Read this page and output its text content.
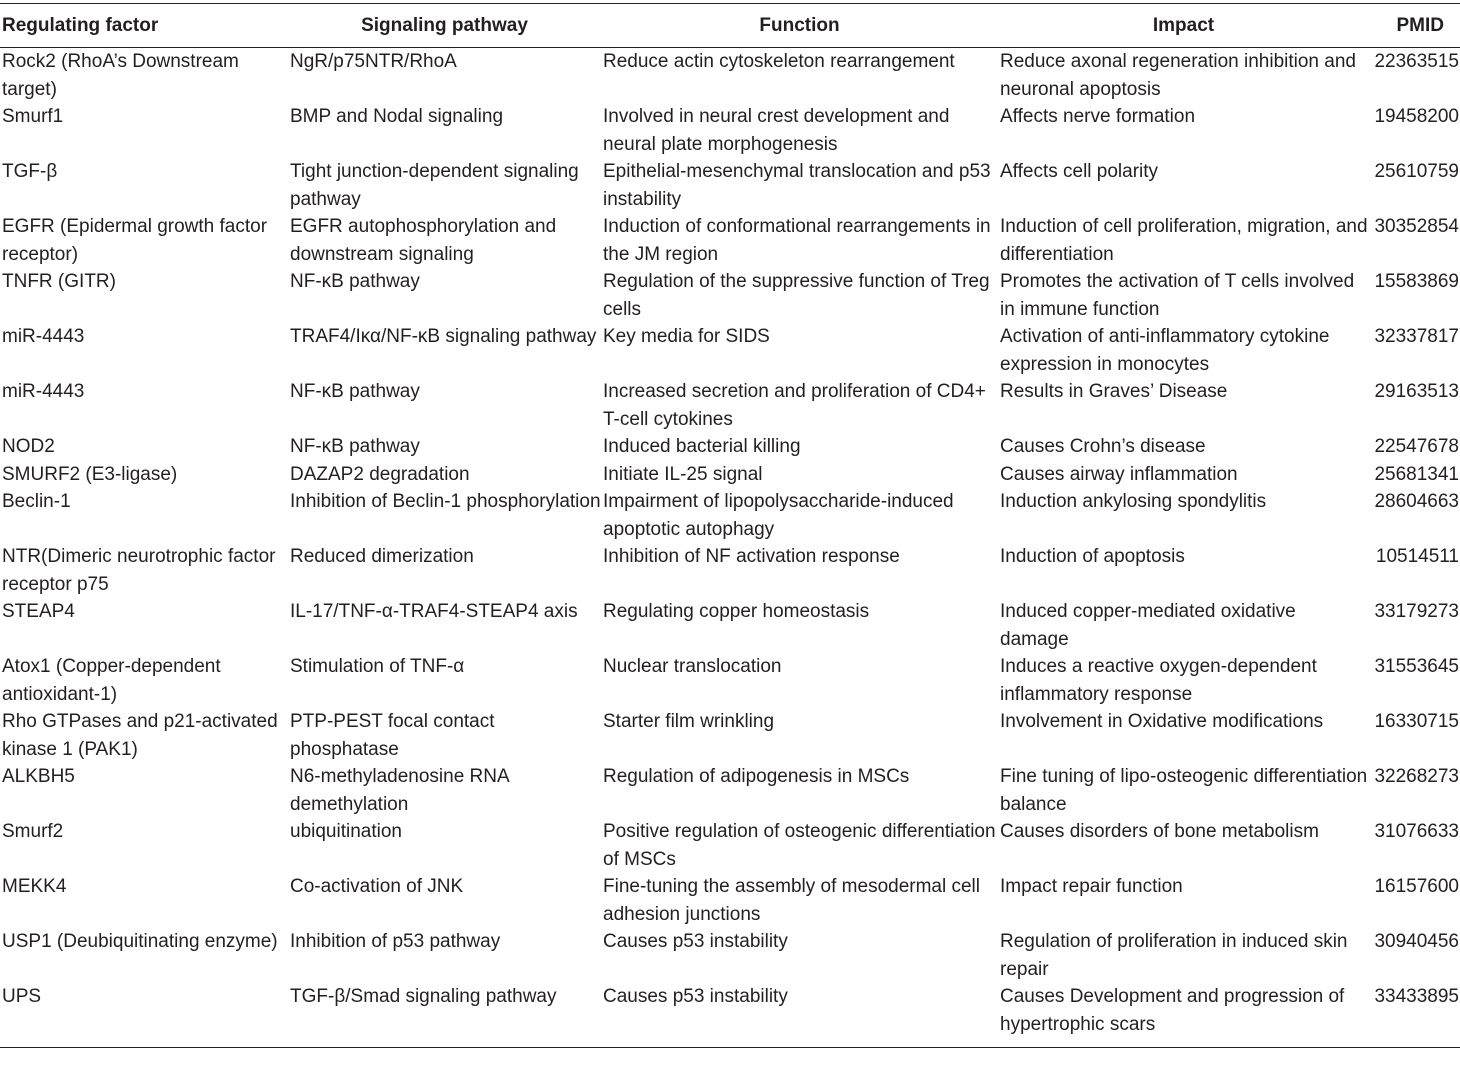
Regulating factor	Signaling pathway	Function	Impact	PMID
Rock2 (RhoA’s Downstream target)	NgR/p75NTR/RhoA	Reduce actin cytoskeleton rearrangement	Reduce axonal regeneration inhibition and neuronal apoptosis	22363515
Smurf1	BMP and Nodal signaling	Involved in neural crest development and neural plate morphogenesis	Affects nerve formation	19458200
TGF-β	Tight junction-dependent signaling pathway	Epithelial-mesenchymal translocation and p53 instability	Affects cell polarity	25610759
EGFR (Epidermal growth factor receptor)	EGFR autophosphorylation and downstream signaling	Induction of conformational rearrangements in the JM region	Induction of cell proliferation, migration, and differentiation	30352854
TNFR (GITR)	NF-κB pathway	Regulation of the suppressive function of Treg cells	Promotes the activation of T cells involved in immune function	15583869
miR-4443	TRAF4/Iκα/NF-κB signaling pathway	Key media for SIDS	Activation of anti-inflammatory cytokine expression in monocytes	32337817
miR-4443	NF-κB pathway	Increased secretion and proliferation of CD4+ T-cell cytokines	Results in Graves’ Disease	29163513
NOD2	NF-κB pathway	Induced bacterial killing	Causes Crohn’s disease	22547678
SMURF2 (E3-ligase)	DAZAP2 degradation	Initiate IL-25 signal	Causes airway inflammation	25681341
Beclin-1	Inhibition of Beclin-1 phosphorylation	Impairment of lipopolysaccharide-induced apoptotic autophagy	Induction ankylosing spondylitis	28604663
NTR(Dimeric neurotrophic factor receptor p75	Reduced dimerization	Inhibition of NF activation response	Induction of apoptosis	10514511
STEAP4	IL-17/TNF-α-TRAF4-STEAP4 axis	Regulating copper homeostasis	Induced copper-mediated oxidative damage	33179273
Atox1 (Copper-dependent antioxidant-1)	Stimulation of TNF-α	Nuclear translocation	Induces a reactive oxygen-dependent inflammatory response	31553645
Rho GTPases and p21-activated kinase 1 (PAK1)	PTP-PEST focal contact phosphatase	Starter film wrinkling	Involvement in Oxidative modifications	16330715
ALKBH5	N6-methyladenosine RNA demethylation	Regulation of adipogenesis in MSCs	Fine tuning of lipo-osteogenic differentiation balance	32268273
Smurf2	ubiquitination	Positive regulation of osteogenic differentiation of MSCs	Causes disorders of bone metabolism	31076633
MEKK4	Co-activation of JNK	Fine-tuning the assembly of mesodermal cell adhesion junctions	Impact repair function	16157600
USP1 (Deubiquitinating enzyme)	Inhibition of p53 pathway	Causes p53 instability	Regulation of proliferation in induced skin repair	30940456
UPS	TGF-β/Smad signaling pathway	Causes p53 instability	Causes Development and progression of hypertrophic scars	33433895
